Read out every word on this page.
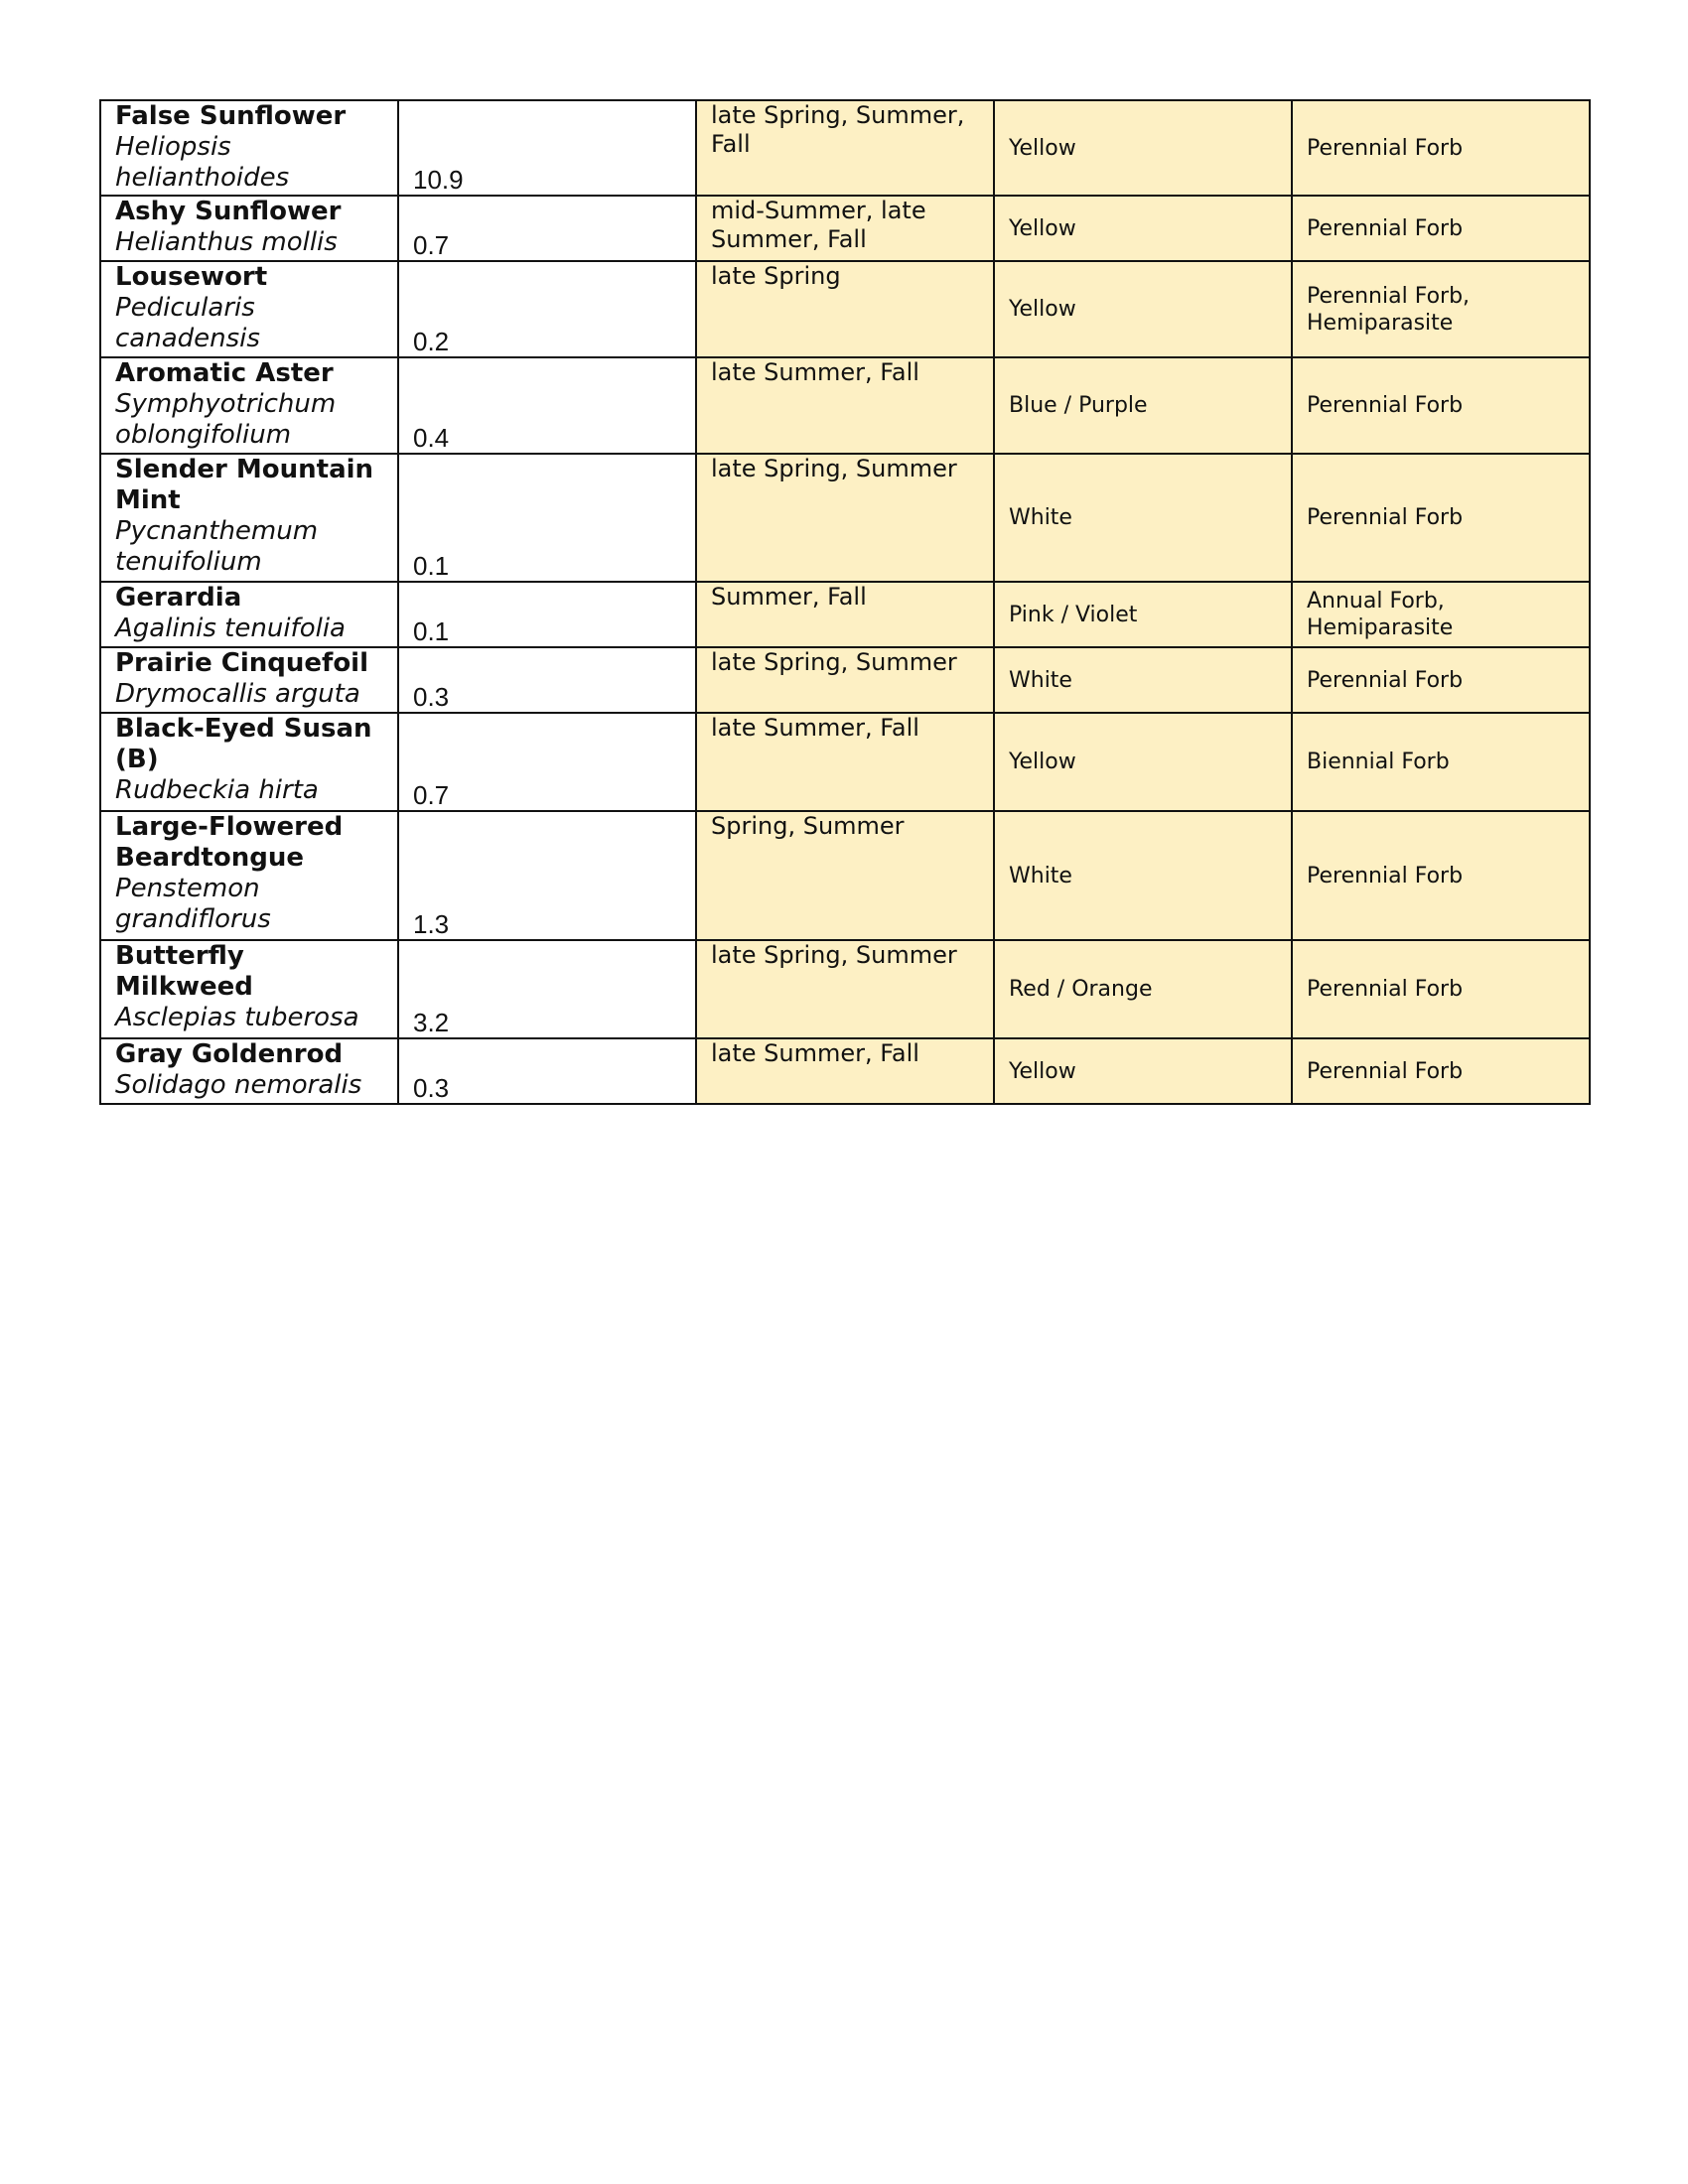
False Sunflower
Heliopsis helianthoides	10.9	late Spring, Summer, Fall	Yellow	Perennial Forb

Ashy Sunflower
Helianthus mollis	0.7	mid-Summer, late Summer, Fall	Yellow	Perennial Forb

Lousewort
Pedicularis canadensis	0.2	late Spring	Yellow	Perennial Forb, Hemiparasite

Aromatic Aster
Symphyotrichum oblongifolium	0.4	late Summer, Fall	Blue / Purple	Perennial Forb

Slender Mountain Mint
Pycnanthemum tenuifolium	0.1	late Spring, Summer	White	Perennial Forb

Gerardia
Agalinis tenuifolia	0.1	Summer, Fall	Pink / Violet	Annual Forb, Hemiparasite

Prairie Cinquefoil
Drymocallis arguta	0.3	late Spring, Summer	White	Perennial Forb

Black-Eyed Susan (B)
Rudbeckia hirta	0.7	late Summer, Fall	Yellow	Biennial Forb

Large-Flowered Beardtongue
Penstemon grandiflorus	1.3	Spring, Summer	White	Perennial Forb

Butterfly Milkweed
Asclepias tuberosa	3.2	late Spring, Summer	Red / Orange	Perennial Forb

Gray Goldenrod
Solidago nemoralis	0.3	late Summer, Fall	Yellow	Perennial Forb
